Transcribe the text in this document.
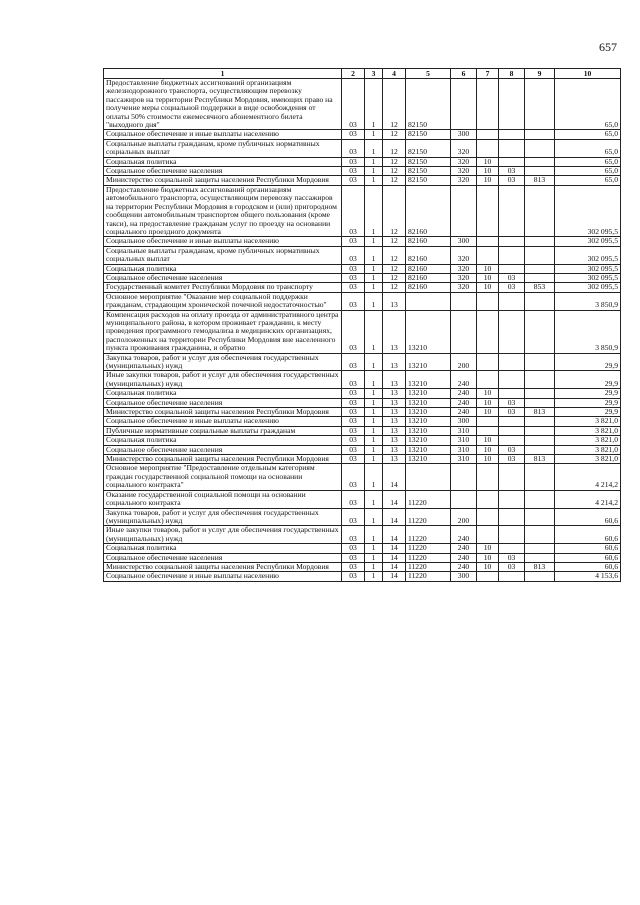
657
1	2	3	4	5	6	7	8	9	10
Предоставление бюджетных ассигнований организациям железнодорожного транспорта, осуществляющим перевозку пассажиров на территории Республики Мордовия, имеющих право на получение меры социальной поддержки в виде освобождения от оплаты 50% стоимости ежемесячного абонементного билета "выходного дня"	03	1	12	82150					65,0
Социальное обеспечение и иные выплаты населению	03	1	12	82150	300				65,0
Социальные выплаты гражданам, кроме публичных нормативных социальных выплат	03	1	12	82150	320				65,0
Социальная политика	03	1	12	82150	320	10			65,0
Социальное обеспечение населения	03	1	12	82150	320	10	03		65,0
Министерство социальной защиты населения Республики Мордовия	03	1	12	82150	320	10	03	813	65,0
Предоставление бюджетных ассигнований организациям автомобильного транспорта, осуществляющим перевозку пассажиров на территории Республики Мордовия в городском и (или) пригородном сообщении автомобильным транспортом общего пользования (кроме такси), на предоставление гражданам услуг по проезду на основании социального проездного документа	03	1	12	82160					302 095,5
Социальное обеспечение и иные выплаты населению	03	1	12	82160	300				302 095,5
Социальные выплаты гражданам, кроме публичных нормативных социальных выплат	03	1	12	82160	320				302 095,5
Социальная политика	03	1	12	82160	320	10			302 095,5
Социальное обеспечение населения	03	1	12	82160	320	10	03		302 095,5
Государственный комитет Республики Мордовия по транспорту	03	1	12	82160	320	10	03	853	302 095,5
Основное мероприятие "Оказание мер социальной поддержки гражданам, страдающим хронической почечной недостаточностью"	03	1	13						3 850,9
Компенсация расходов на оплату проезда от административного центра муниципального района, в котором проживает гражданин, к месту проведения программного гемодиализа в медицинских организациях, расположенных на территории Республики Мордовия вне населенного пункта проживания гражданина, и обратно	03	1	13	13210					3 850,9
Закупка товаров, работ и услуг для обеспечения государственных (муниципальных) нужд	03	1	13	13210	200				29,9
Иные закупки товаров, работ и услуг для обеспечения государственных (муниципальных) нужд	03	1	13	13210	240				29,9
Социальная политика	03	1	13	13210	240	10			29,9
Социальное обеспечение населения	03	1	13	13210	240	10	03		29,9
Министерство социальной защиты населения Республики Мордовия	03	1	13	13210	240	10	03	813	29,9
Социальное обеспечение и иные выплаты населению	03	1	13	13210	300				3 821,0
Публичные нормативные социальные выплаты гражданам	03	1	13	13210	310				3 821,0
Социальная политика	03	1	13	13210	310	10			3 821,0
Социальное обеспечение населения	03	1	13	13210	310	10	03		3 821,0
Министерство социальной защиты населения Республики Мордовия	03	1	13	13210	310	10	03	813	3 821,0
Основное мероприятие "Предоставление отдельным категориям граждан государственной социальной помощи на основании социального контракта"	03	1	14						4 214,2
Оказание государственной социальной помощи на основании социального контракта	03	1	14	11220					4 214,2
Закупка товаров, работ и услуг для обеспечения государственных (муниципальных) нужд	03	1	14	11220	200				60,6
Иные закупки товаров, работ и услуг для обеспечения государственных (муниципальных) нужд	03	1	14	11220	240				60,6
Социальная политика	03	1	14	11220	240	10			60,6
Социальное обеспечение населения	03	1	14	11220	240	10	03		60,6
Министерство социальной защиты населения Республики Мордовия	03	1	14	11220	240	10	03	813	60,6
Социальное обеспечение и иные выплаты населению	03	1	14	11220	300				4 153,6
